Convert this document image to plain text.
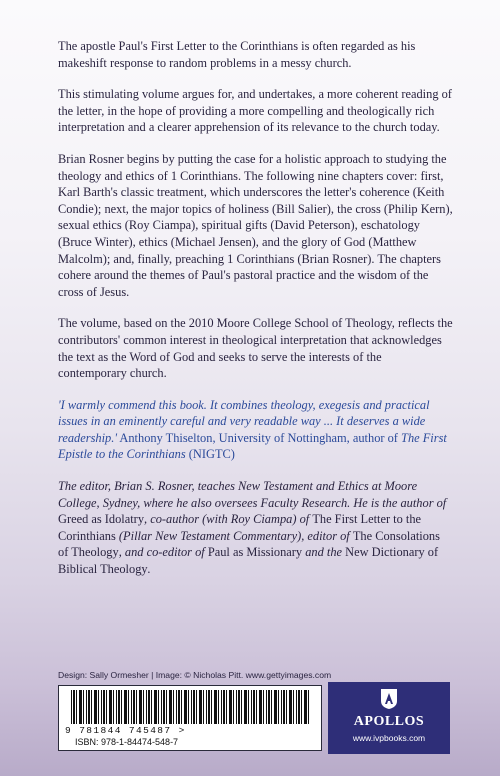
The apostle Paul's First Letter to the Corinthians is often regarded as his makeshift response to random problems in a messy church.

This stimulating volume argues for, and undertakes, a more coherent reading of the letter, in the hope of providing a more compelling and theologically rich interpretation and a clearer apprehension of its relevance to the church today.

Brian Rosner begins by putting the case for a holistic approach to studying the theology and ethics of 1 Corinthians. The following nine chapters cover: first, Karl Barth's classic treatment, which underscores the letter's coherence (Keith Condie); next, the major topics of holiness (Bill Salier), the cross (Philip Kern), sexual ethics (Roy Ciampa), spiritual gifts (David Peterson), eschatology (Bruce Winter), ethics (Michael Jensen), and the glory of God (Matthew Malcolm); and, finally, preaching 1 Corinthians (Brian Rosner). The chapters cohere around the themes of Paul's pastoral practice and the wisdom of the cross of Jesus.

The volume, based on the 2010 Moore College School of Theology, reflects the contributors' common interest in theological interpretation that acknowledges the text as the Word of God and seeks to serve the interests of the contemporary church.

'I warmly commend this book. It combines theology, exegesis and practical issues in an eminently careful and very readable way ... It deserves a wide readership.' Anthony Thiselton, University of Nottingham, author of The First Epistle to the Corinthians (NIGTC)

The editor, Brian S. Rosner, teaches New Testament and Ethics at Moore College, Sydney, where he also oversees Faculty Research. He is the author of Greed as Idolatry, co-author (with Roy Ciampa) of The First Letter to the Corinthians (Pillar New Testament Commentary), editor of The Consolations of Theology, and co-editor of Paul as Missionary and the New Dictionary of Biblical Theology.

Design: Sally Ormesher | Image: © Nicholas Pitt. www.gettyimages.com
9 781844 745487 >
ISBN: 978-1-84474-548-7
APOLLOS
www.ivpbooks.com
